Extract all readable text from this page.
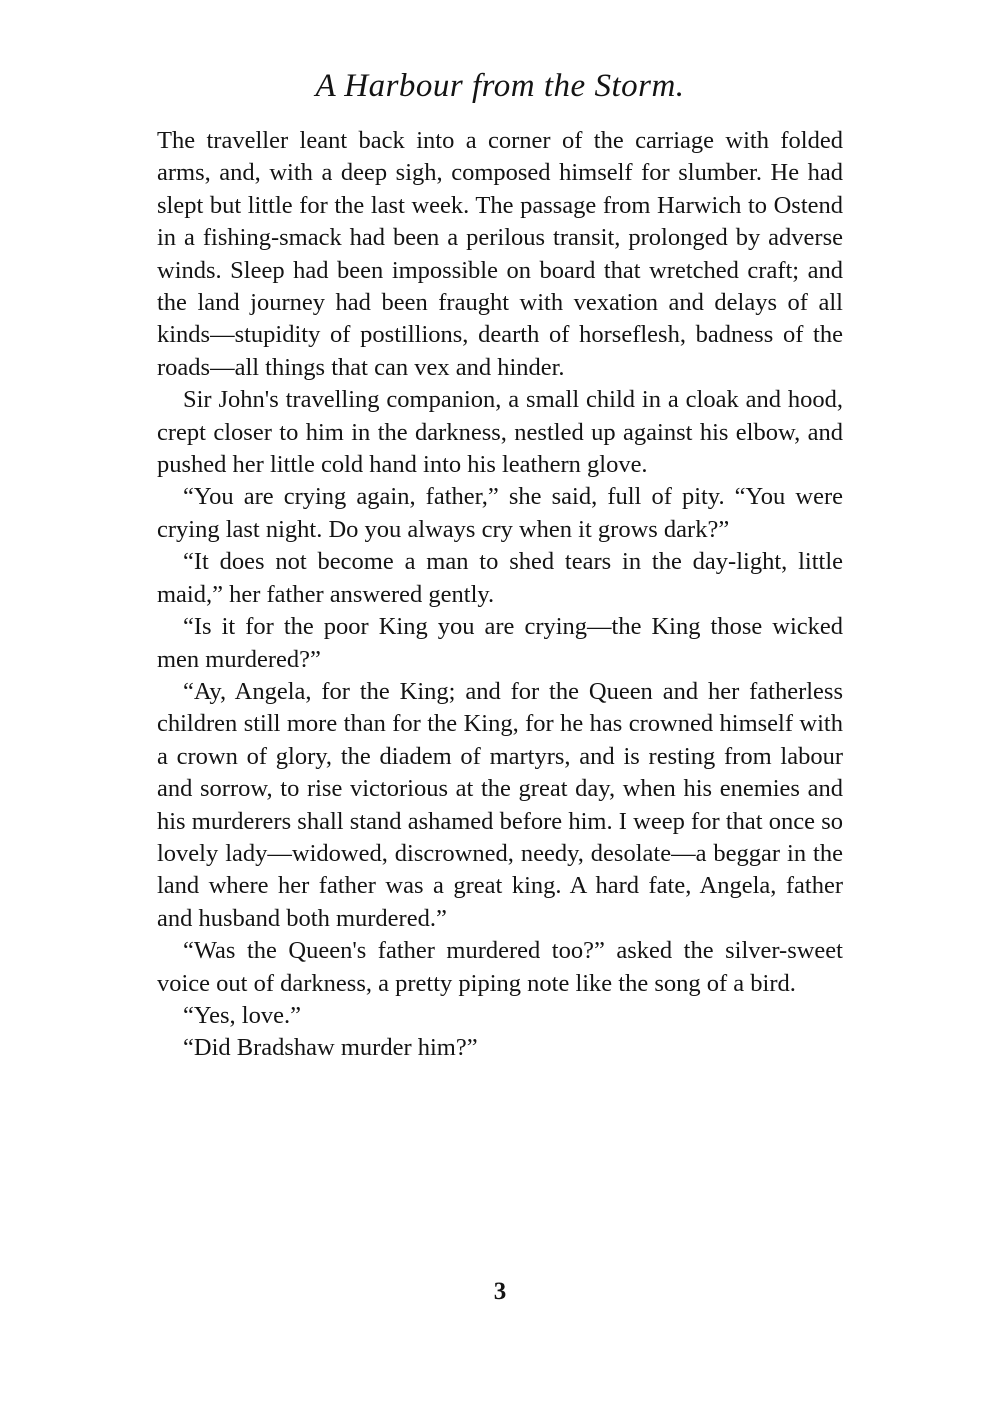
A Harbour from the Storm.

The traveller leant back into a corner of the carriage with folded arms, and, with a deep sigh, composed himself for slumber. He had slept but little for the last week. The passage from Harwich to Ostend in a fishing-smack had been a perilous transit, prolonged by adverse winds. Sleep had been impossible on board that wretched craft; and the land journey had been fraught with vexation and delays of all kinds—stupidity of postillions, dearth of horseflesh, badness of the roads—all things that can vex and hinder.

Sir John's travelling companion, a small child in a cloak and hood, crept closer to him in the darkness, nestled up against his elbow, and pushed her little cold hand into his leathern glove.

“You are crying again, father,” she said, full of pity. “You were crying last night. Do you always cry when it grows dark?”

“It does not become a man to shed tears in the day-light, little maid,” her father answered gently.

“Is it for the poor King you are crying—the King those wicked men murdered?”

“Ay, Angela, for the King; and for the Queen and her fatherless children still more than for the King, for he has crowned himself with a crown of glory, the diadem of martyrs, and is resting from labour and sorrow, to rise victorious at the great day, when his enemies and his murderers shall stand ashamed before him. I weep for that once so lovely lady—widowed, discrowned, needy, desolate—a beggar in the land where her father was a great king. A hard fate, Angela, father and husband both murdered.”

“Was the Queen's father murdered too?” asked the silver-sweet voice out of darkness, a pretty piping note like the song of a bird.

“Yes, love.”

“Did Bradshaw murder him?”

3
